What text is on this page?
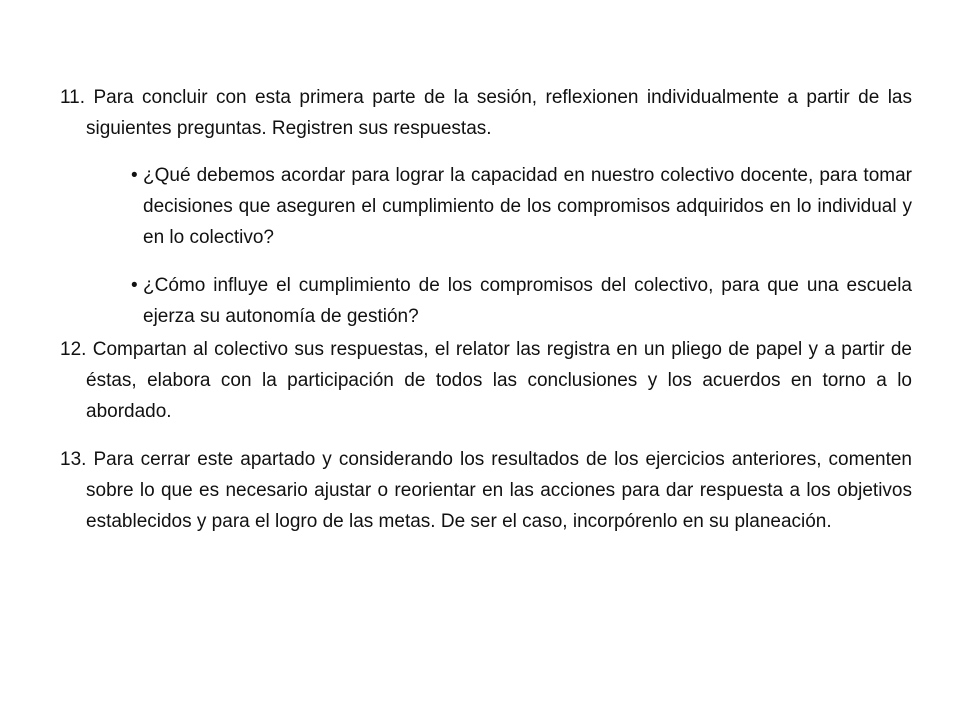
11. Para concluir con esta primera parte de la sesión, reflexionen individualmente a partir de las siguientes preguntas. Registren sus respuestas.

• ¿Qué debemos acordar para lograr la capacidad en nuestro colectivo docente, para tomar decisiones que aseguren el cumplimiento de los compromisos adquiridos en lo individual y en lo colectivo?
• ¿Cómo influye el cumplimiento de los compromisos del colectivo, para que una escuela ejerza su autonomía de gestión?

12. Compartan al colectivo sus respuestas, el relator las registra en un pliego de papel y a partir de éstas, elabora con la participación de todos las conclusiones y los acuerdos en torno a lo abordado.

13. Para cerrar este apartado y considerando los resultados de los ejercicios anteriores, comenten sobre lo que es necesario ajustar o reorientar en las acciones para dar respuesta a los objetivos establecidos y para el logro de las metas. De ser el caso, incorpórenlo en su planeación.
